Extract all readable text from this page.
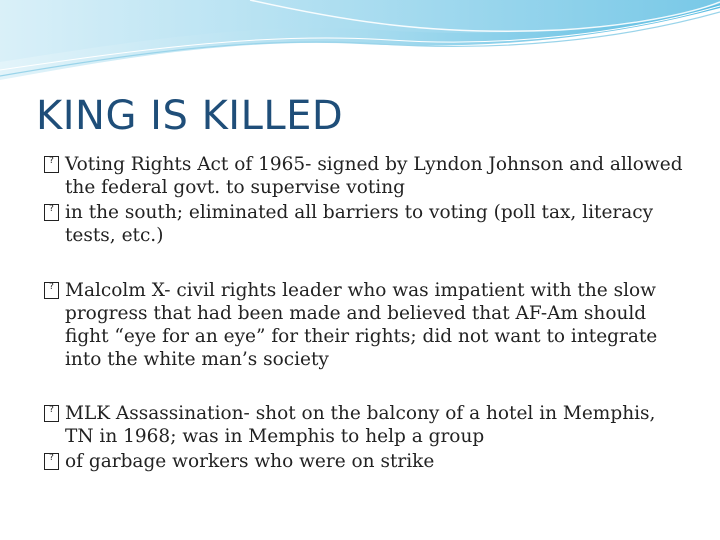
KING IS KILLED

? Voting Rights Act of 1965- signed by Lyndon Johnson and allowed the federal govt. to supervise voting

? in the south; eliminated all barriers to voting (poll tax, literacy tests, etc.)

? Malcolm X- civil rights leader who was impatient with the slow progress that had been made and believed that AF-Am should fight “eye for an eye” for their rights; did not want to integrate into the white man’s society

? MLK Assassination- shot on the balcony of a hotel in Memphis, TN in 1968; was in Memphis to help a group

? of garbage workers who were on strike
